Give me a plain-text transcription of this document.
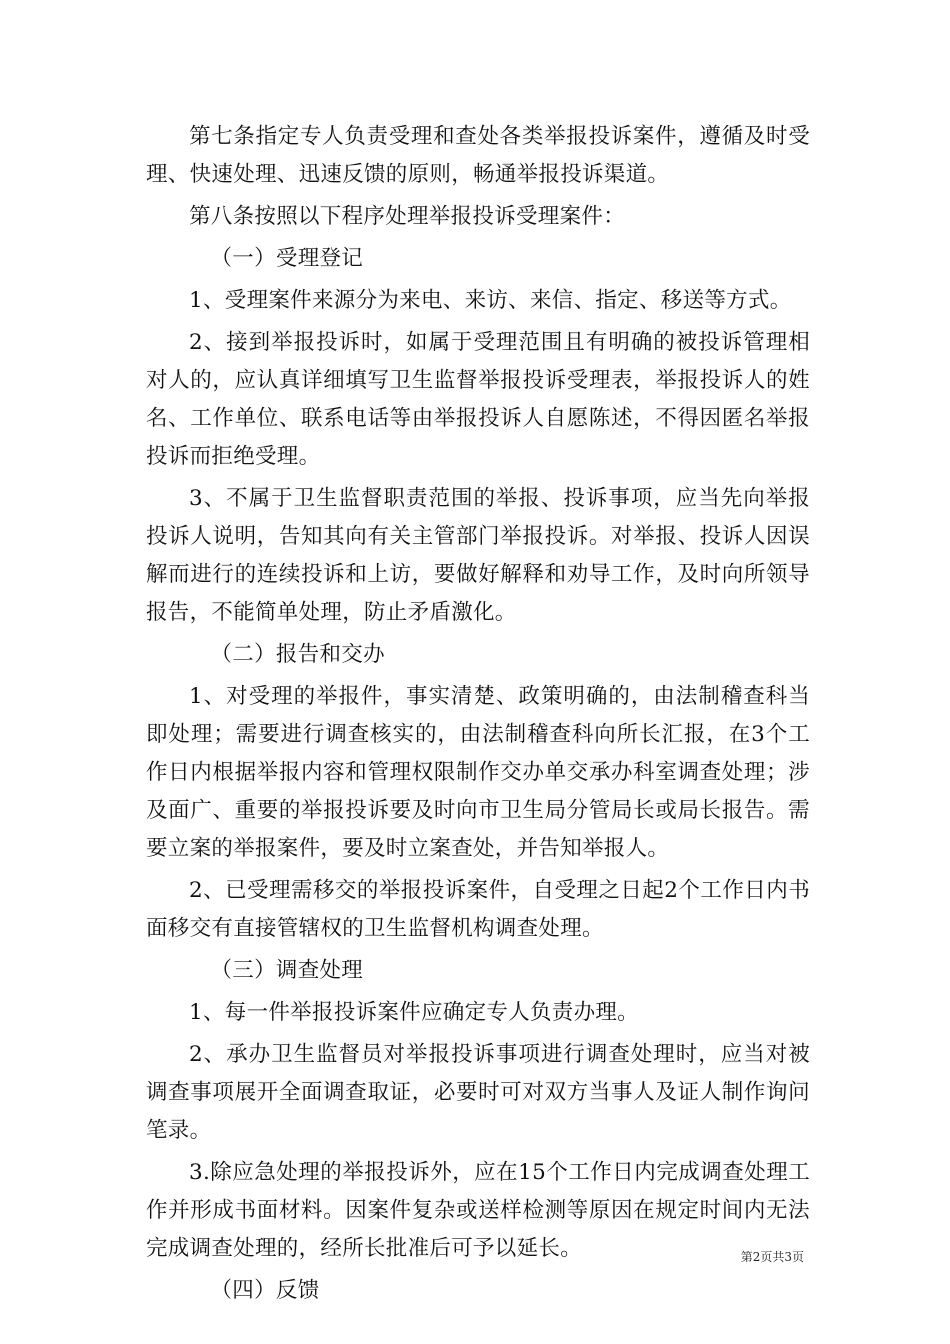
第七条指定专人负责受理和查处各类举报投诉案件，遵循及时受理、快速处理、迅速反馈的原则，畅通举报投诉渠道。

第八条按照以下程序处理举报投诉受理案件：

（一）受理登记

1、受理案件来源分为来电、来访、来信、指定、移送等方式。

2、接到举报投诉时，如属于受理范围且有明确的被投诉管理相对人的，应认真详细填写卫生监督举报投诉受理表，举报投诉人的姓名、工作单位、联系电话等由举报投诉人自愿陈述，不得因匿名举报投诉而拒绝受理。

3、不属于卫生监督职责范围的举报、投诉事项，应当先向举报投诉人说明，告知其向有关主管部门举报投诉。对举报、投诉人因误解而进行的连续投诉和上访，要做好解释和劝导工作，及时向所领导报告，不能简单处理，防止矛盾激化。

（二）报告和交办

1、对受理的举报件，事实清楚、政策明确的，由法制稽查科当即处理；需要进行调查核实的，由法制稽查科向所长汇报，在3个工作日内根据举报内容和管理权限制作交办单交承办科室调查处理；涉及面广、重要的举报投诉要及时向市卫生局分管局长或局长报告。需要立案的举报案件，要及时立案查处，并告知举报人。

2、已受理需移交的举报投诉案件，自受理之日起2个工作日内书面移交有直接管辖权的卫生监督机构调查处理。

（三）调查处理

1、每一件举报投诉案件应确定专人负责办理。

2、承办卫生监督员对举报投诉事项进行调查处理时，应当对被调查事项展开全面调查取证，必要时可对双方当事人及证人制作询问笔录。

3.除应急处理的举报投诉外，应在15个工作日内完成调查处理工作并形成书面材料。因案件复杂或送样检测等原因在规定时间内无法完成调查处理的，经所长批准后可予以延长。

（四）反馈

第2页共3页
